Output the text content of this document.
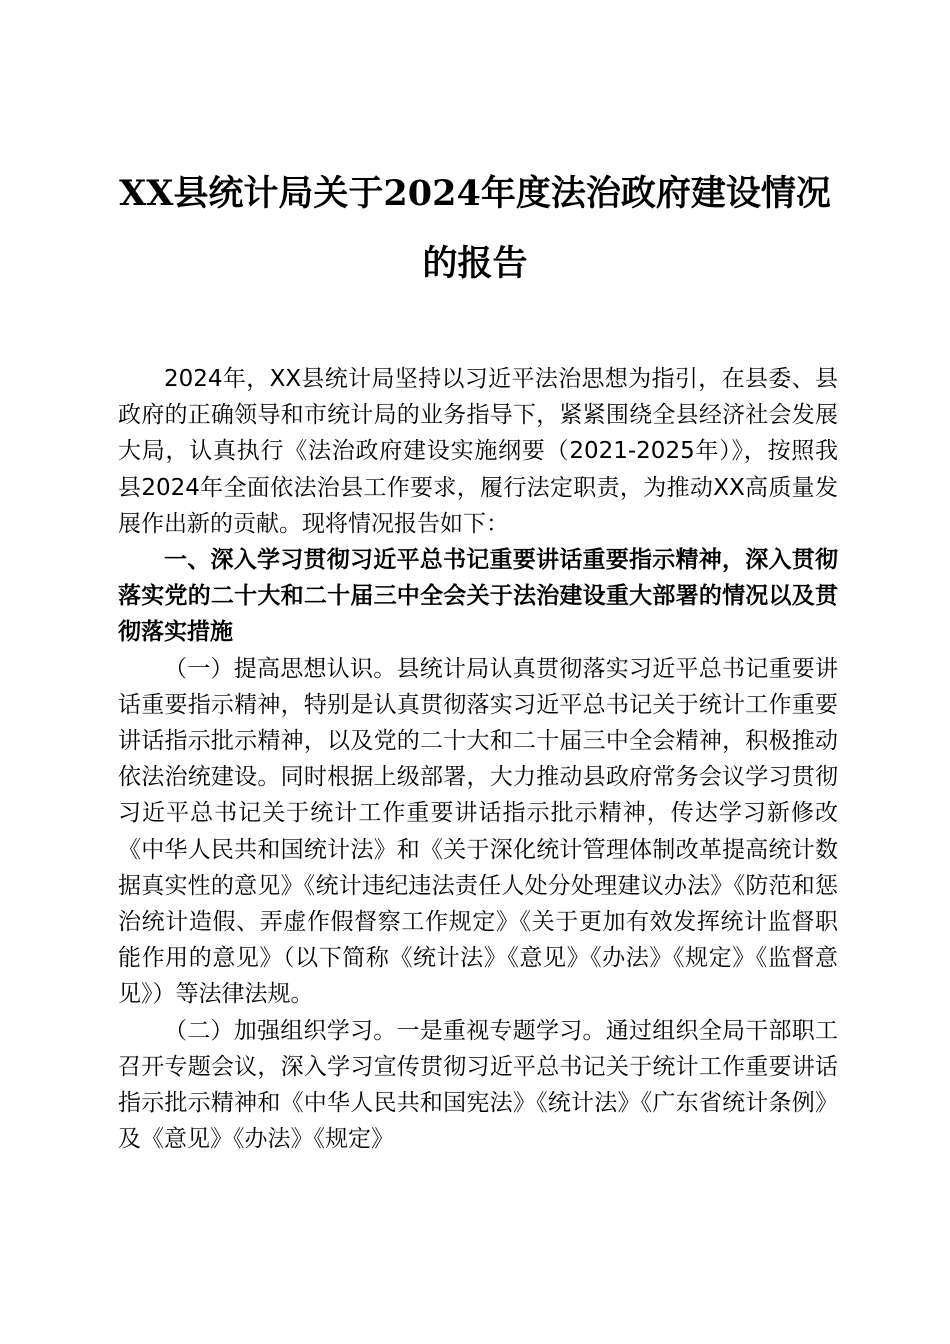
XX县统计局关于2024年度法治政府建设情况
的报告

2024年，XX县统计局坚持以习近平法治思想为指引，在县委、县政府的正确领导和市统计局的业务指导下，紧紧围绕全县经济社会发展大局，认真执行《法治政府建设实施纲要（2021-2025年）》，按照我县2024年全面依法治县工作要求，履行法定职责，为推动XX高质量发展作出新的贡献。现将情况报告如下：

一、深入学习贯彻习近平总书记重要讲话重要指示精神，深入贯彻落实党的二十大和二十届三中全会关于法治建设重大部署的情况以及贯彻落实措施

（一）提高思想认识。县统计局认真贯彻落实习近平总书记重要讲话重要指示精神，特别是认真贯彻落实习近平总书记关于统计工作重要讲话指示批示精神，以及党的二十大和二十届三中全会精神，积极推动依法治统建设。同时根据上级部署，大力推动县政府常务会议学习贯彻习近平总书记关于统计工作重要讲话指示批示精神，传达学习新修改《中华人民共和国统计法》和《关于深化统计管理体制改革提高统计数据真实性的意见》《统计违纪违法责任人处分处理建议办法》《防范和惩治统计造假、弄虚作假督察工作规定》《关于更加有效发挥统计监督职能作用的意见》（以下简称《统计法》《意见》《办法》《规定》《监督意见》）等法律法规。

（二）加强组织学习。一是重视专题学习。通过组织全局干部职工召开专题会议，深入学习宣传贯彻习近平总书记关于统计工作重要讲话指示批示精神和《中华人民共和国宪法》《统计法》《广东省统计条例》及《意见》《办法》《规定》
